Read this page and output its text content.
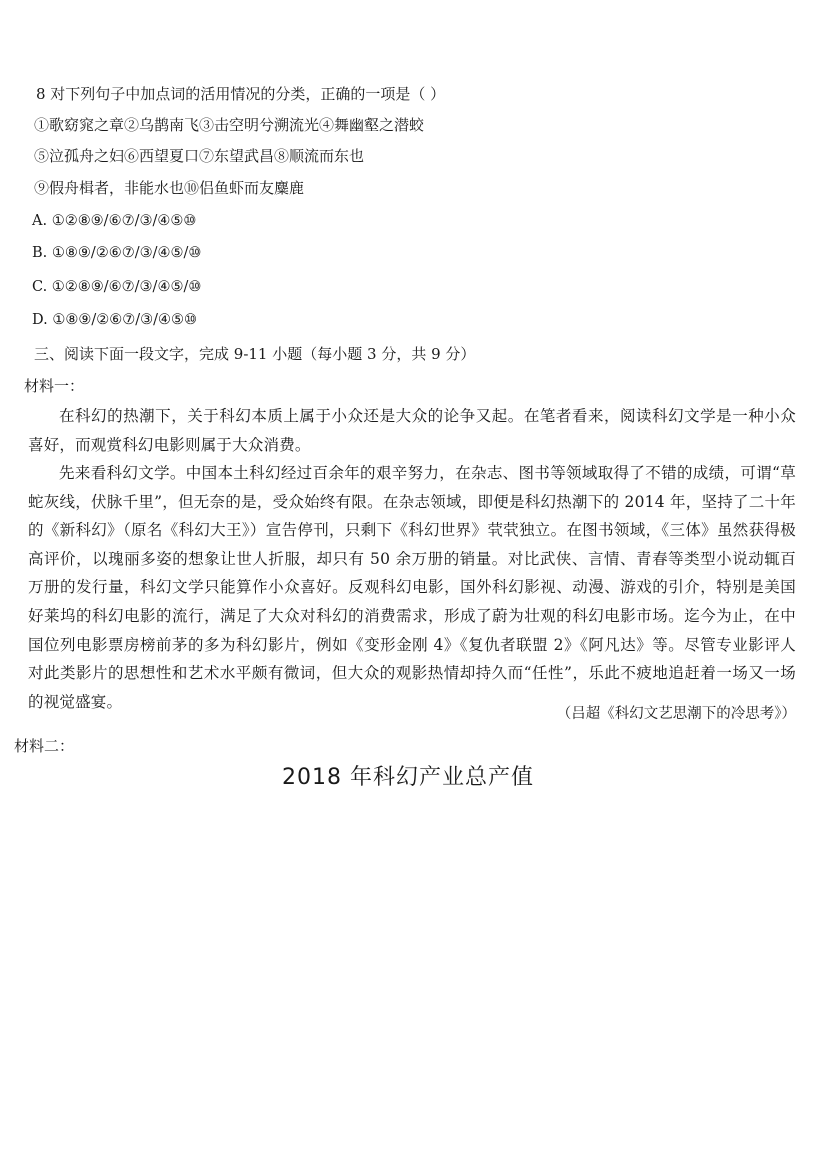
8 对下列句子中加点词的活用情况的分类，正确的一项是（ ）
①歌窈窕之章②乌鹊南飞③击空明兮溯流光④舞幽壑之潜蛟
⑤泣孤舟之妇⑥西望夏口⑦东望武昌⑧顺流而东也
⑨假舟楫者，非能水也⑩侣鱼虾而友麋鹿
A. ①②⑧⑨/⑥⑦/③/④⑤⑩
B. ①⑧⑨/②⑥⑦/③/④⑤/⑩
C. ①②⑧⑨/⑥⑦/③/④⑤/⑩
D. ①⑧⑨/②⑥⑦/③/④⑤⑩
三、阅读下面一段文字，完成 9-11 小题（每小题 3 分，共 9 分）
材料一：
在科幻的热潮下，关于科幻本质上属于小众还是大众的论争又起。在笔者看来，阅读科幻文学是一种小众喜好，而观赏科幻电影则属于大众消费。
先来看科幻文学。中国本土科幻经过百余年的艰辛努力，在杂志、图书等领域取得了不错的成绩，可谓“草蛇灰线，伏脉千里”，但无奈的是，受众始终有限。在杂志领域，即便是科幻热潮下的 2014 年，坚持了二十年的《新科幻》（原名《科幻大王》）宣告停刊，只剩下《科幻世界》茕茕独立。在图书领域，《三体》虽然获得极高评价，以瑰丽多姿的想象让世人折服，却只有 50 余万册的销量。对比武侠、言情、青春等类型小说动辄百万册的发行量，科幻文学只能算作小众喜好。反观科幻电影，国外科幻影视、动漫、游戏的引介，特别是美国好莱坞的科幻电影的流行，满足了大众对科幻的消费需求，形成了蔚为壮观的科幻电影市场。迄今为止，在中国位列电影票房榜前茅的多为科幻影片，例如《变形金刚 4》《复仇者联盟 2》《阿凡达》等。尽管专业影评人对此类影片的思想性和艺术水平颇有微词，但大众的观影热情却持久而“任性”，乐此不疲地追赶着一场又一场的视觉盛宴。
（吕超《科幻文艺思潮下的冷思考》）
材料二：
2018 年科幻产业总产值
